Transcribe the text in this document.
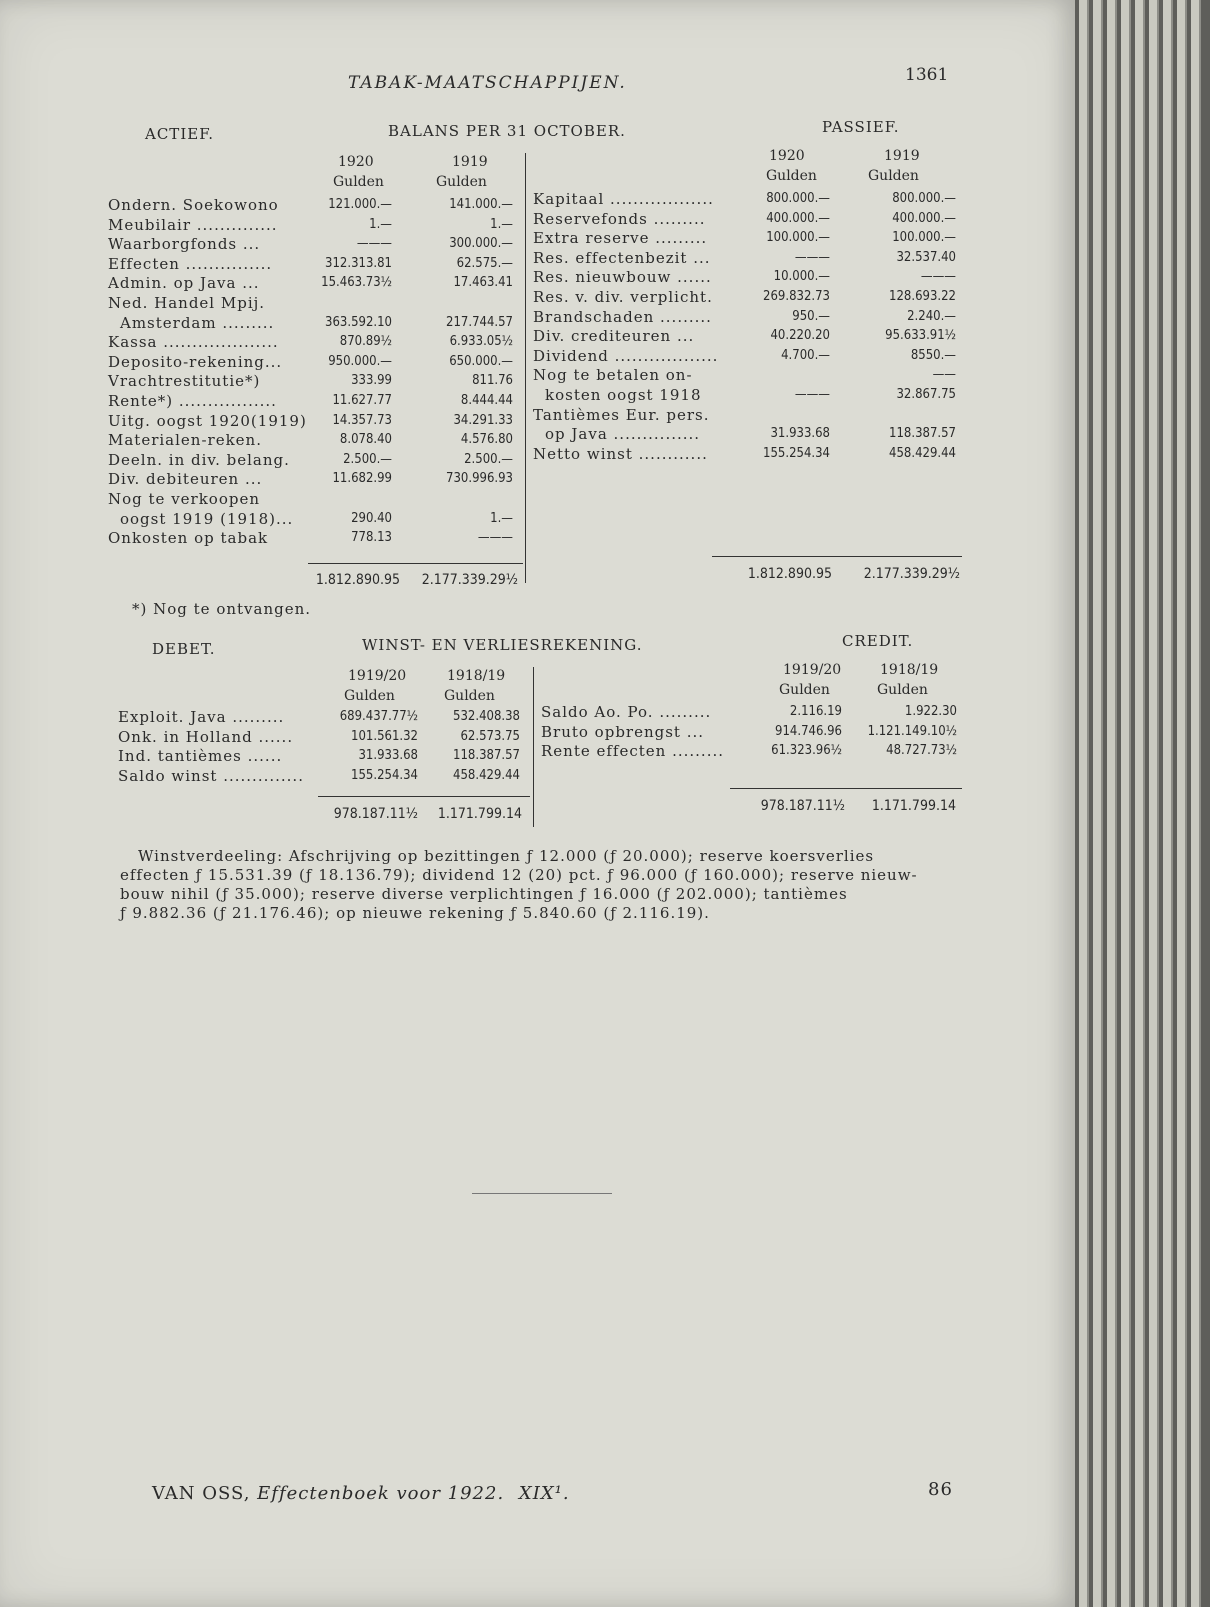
TABAK-MAATSCHAPPIJEN.	1361
ACTIEF.	BALANS PER 31 OCTOBER.	PASSIEF.
1920	1919
Gulden	Gulden
1920	1919
Gulden	Gulden
Ondern. Soekowono	121.000.—	141.000.—
Meubilair ..............	1.—	1.—
Waarborgfonds ...	———	300.000.—
Effecten ...............	312.313.81	62.575.—
Admin. op Java ...	15.463.73½	17.463.41
Ned. Handel Mpij.
Amsterdam .........	363.592.10	217.744.57
Kassa ....................	870.89½	6.933.05½
Deposito-rekening...	950.000.—	650.000.—
Vrachtrestitutie*)	333.99	811.76
Rente*) .................	11.627.77	8.444.44
Uitg. oogst 1920(1919)	14.357.73	34.291.33
Materialen-reken.	8.078.40	4.576.80
Deeln. in div. belang.	2.500.—	2.500.—
Div. debiteuren ...	11.682.99	730.996.93
Nog te verkoopen
oogst 1919 (1918)...	290.40	1.—
Onkosten op tabak	778.13	———
Kapitaal ..................	800.000.—	800.000.—
Reservefonds .........	400.000.—	400.000.—
Extra reserve .........	100.000.—	100.000.—
Res. effectenbezit ...	———	32.537.40
Res. nieuwbouw ......	10.000.—	———
Res. v. div. verplicht.	269.832.73	128.693.22
Brandschaden .........	950.—	2.240.—
Div. crediteuren ...	40.220.20	95.633.91½
Dividend ..................	4.700.—	8550.—
Nog te betalen on-	——
kosten oogst 1918	———	32.867.75
Tantièmes Eur. pers.
op Java ...............	31.933.68	118.387.57
Netto winst ............	155.254.34	458.429.44
1.812.890.95	2.177.339.29½	1.812.890.95	2.177.339.29½
*) Nog te ontvangen.
DEBET.	WINST- EN VERLIESREKENING.	CREDIT.
1919/20	1918/19
Gulden	Gulden
1919/20	1918/19
Gulden	Gulden
Exploit. Java .........	689.437.77½	532.408.38
Onk. in Holland ......	101.561.32	62.573.75
Ind. tantièmes ......	31.933.68	118.387.57
Saldo winst ..............	155.254.34	458.429.44
Saldo Ao. Po. .........	2.116.19	1.922.30
Bruto opbrengst ...	914.746.96	1.121.149.10½
Rente effecten .........	61.323.96½	48.727.73½
978.187.11½	1.171.799.14	978.187.11½	1.171.799.14
Winstverdeeling: Afschrijving op bezittingen ƒ 12.000 (ƒ 20.000); reserve koersverlies
effecten ƒ 15.531.39 (ƒ 18.136.79); dividend 12 (20) pct. ƒ 96.000 (ƒ 160.000); reserve nieuw-
bouw nihil (ƒ 35.000); reserve diverse verplichtingen ƒ 16.000 (ƒ 202.000); tantièmes
ƒ 9.882.36 (ƒ 21.176.46); op nieuwe rekening ƒ 5.840.60 (ƒ 2.116.19).
VAN OSS, Effectenboek voor 1922. XIX¹.	86
